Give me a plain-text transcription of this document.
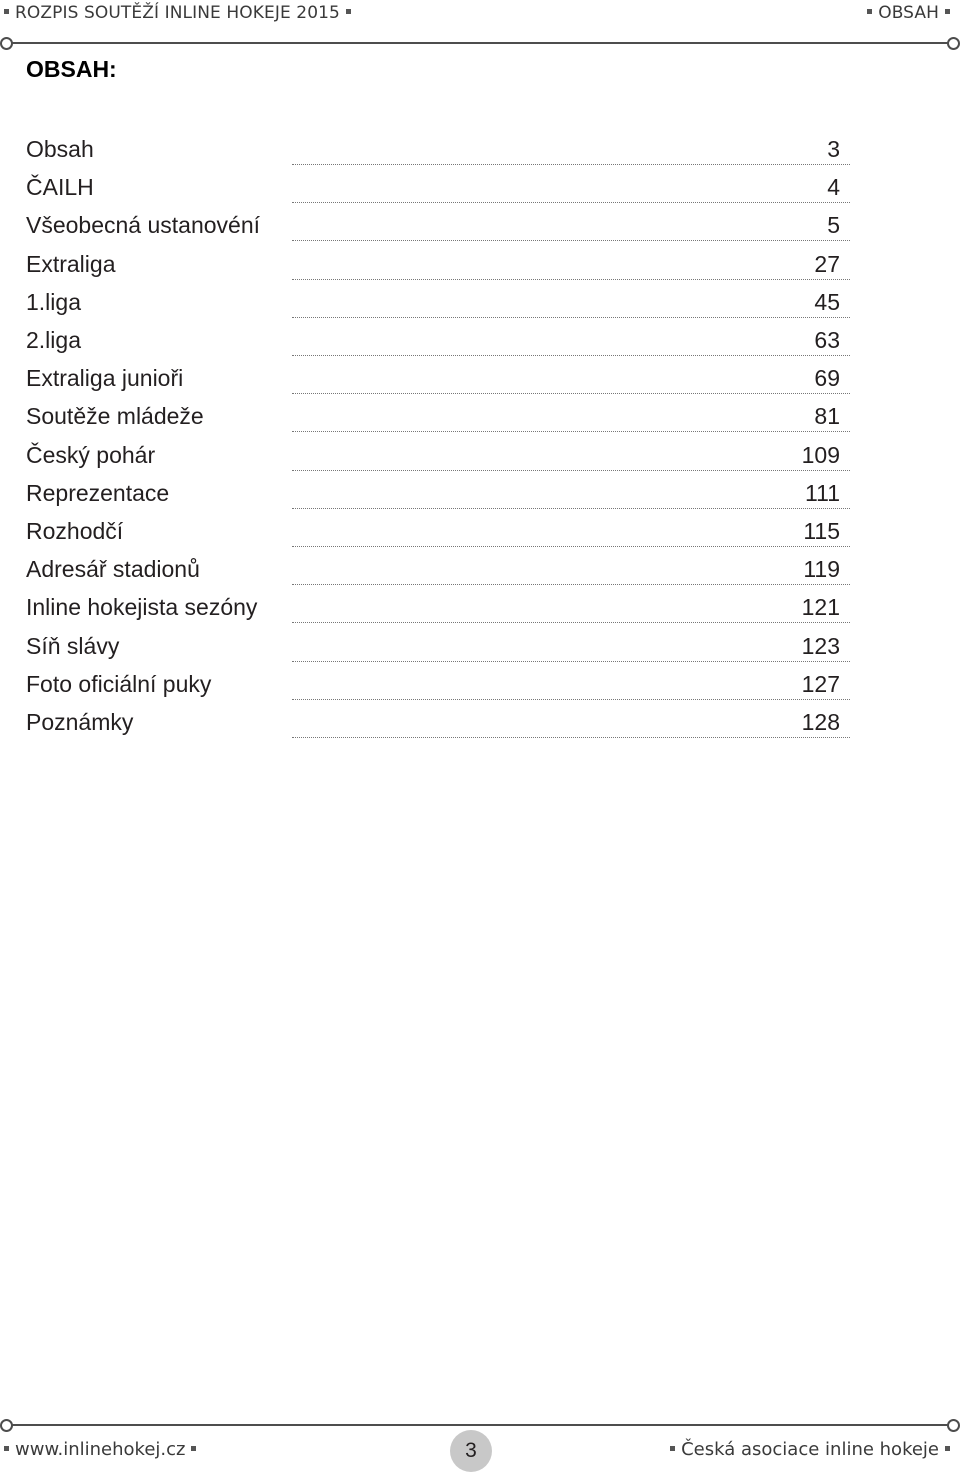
ROZPIS SOUTĚŽÍ INLINE HOKEJE 2015	OBSAH
OBSAH:
Obsah	3
ČAILH	4
Všeobecná ustanovéní	5
Extraliga	27
1.liga	45
2.liga	63
Extraliga junioři	69
Soutěže mládeže	81
Český pohár	109
Reprezentace	111
Rozhodčí	115
Adresář stadionů	119
Inline hokejista sezóny	121
Síň slávy	123
Foto oficiální puky	127
Poznámky	128
www.inlinehokej.cz	3	Česká asociace inline hokeje
